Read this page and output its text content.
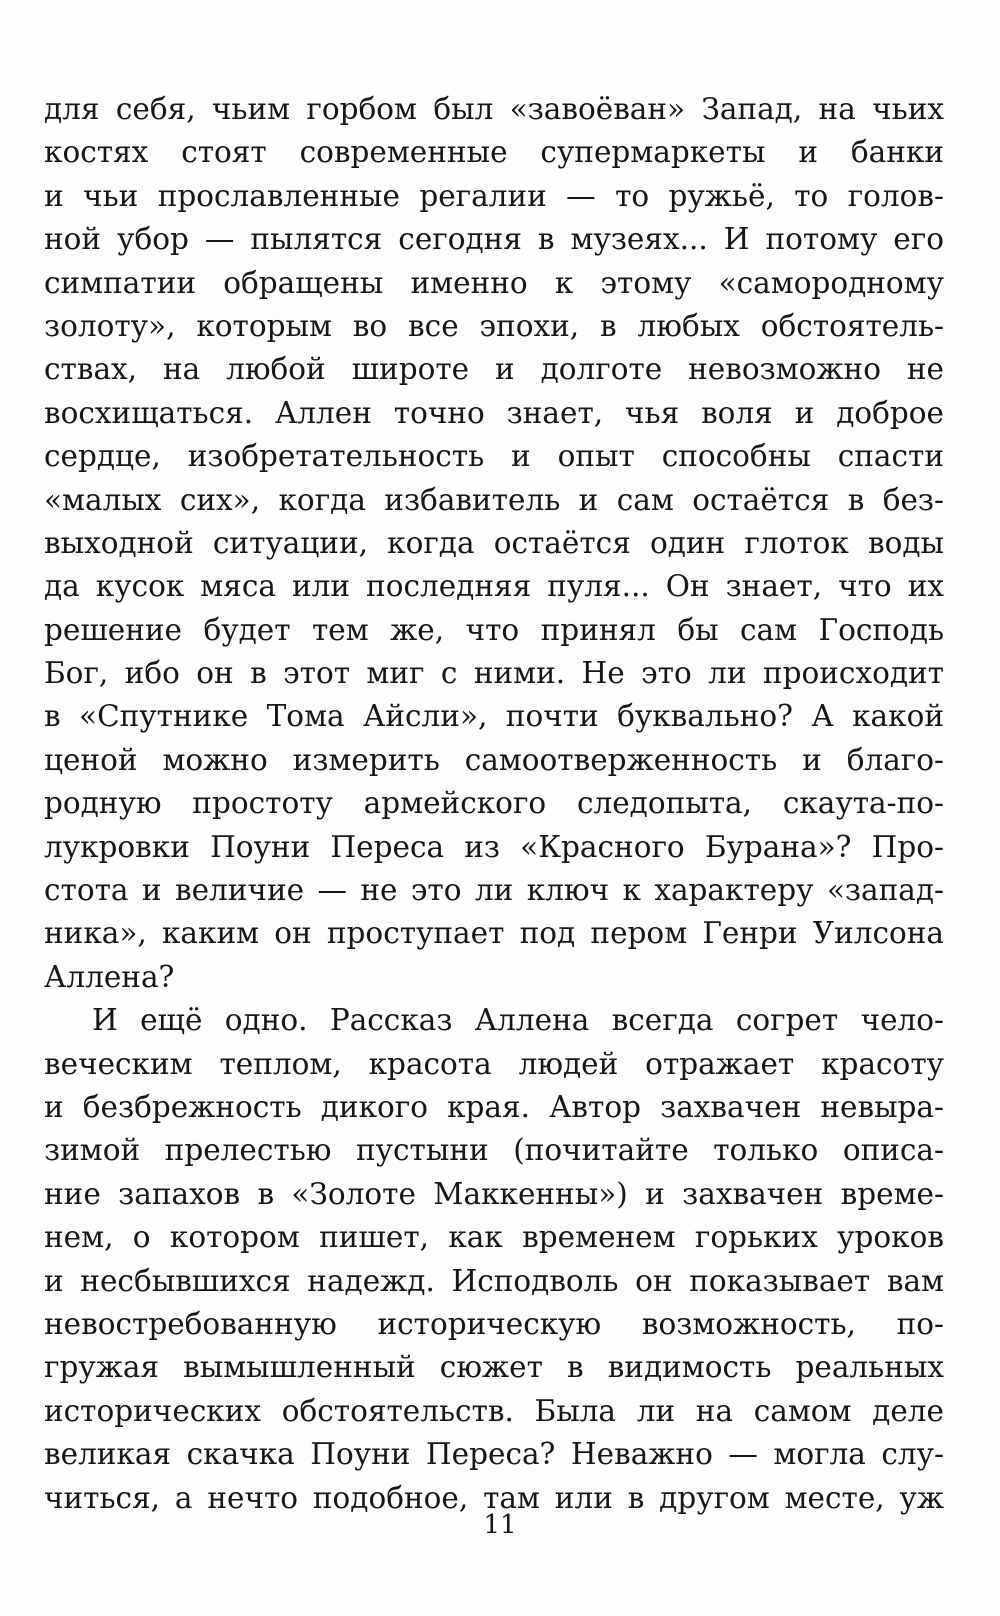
для себя, чьим горбом был «завоёван» Запад, на чьих
костях стоят современные супермаркеты и банки
и чьи прославленные регалии — то ружьё, то голов-
ной убор — пылятся сегодня в музеях... И потому его
симпатии обращены именно к этому «самородному
золоту», которым во все эпохи, в любых обстоятель-
ствах, на любой широте и долготе невозможно не
восхищаться. Аллен точно знает, чья воля и доброе
сердце, изобретательность и опыт способны спасти
«малых сих», когда избавитель и сам остаётся в без-
выходной ситуации, когда остаётся один глоток воды
да кусок мяса или последняя пуля... Он знает, что их
решение будет тем же, что принял бы сам Господь
Бог, ибо он в этот миг с ними. Не это ли происходит
в «Спутнике Тома Айсли», почти буквально? А какой
ценой можно измерить самоотверженность и благо-
родную простоту армейского следопыта, скаута-по-
лукровки Поуни Переса из «Красного Бурана»? Про-
стота и величие — не это ли ключ к характеру «запад-
ника», каким он проступает под пером Генри Уилсона
Аллена?

И ещё одно. Рассказ Аллена всегда согрет чело-
веческим теплом, красота людей отражает красоту
и безбрежность дикого края. Автор захвачен невыра-
зимой прелестью пустыни (почитайте только описа-
ние запахов в «Золоте Маккенны») и захвачен време-
нем, о котором пишет, как временем горьких уроков
и несбывшихся надежд. Исподволь он показывает вам
невостребованную историческую возможность, по-
гружая вымышленный сюжет в видимость реальных
исторических обстоятельств. Была ли на самом деле
великая скачка Поуни Переса? Неважно — могла слу-
читься, а нечто подобное, там или в другом месте, уж

11
